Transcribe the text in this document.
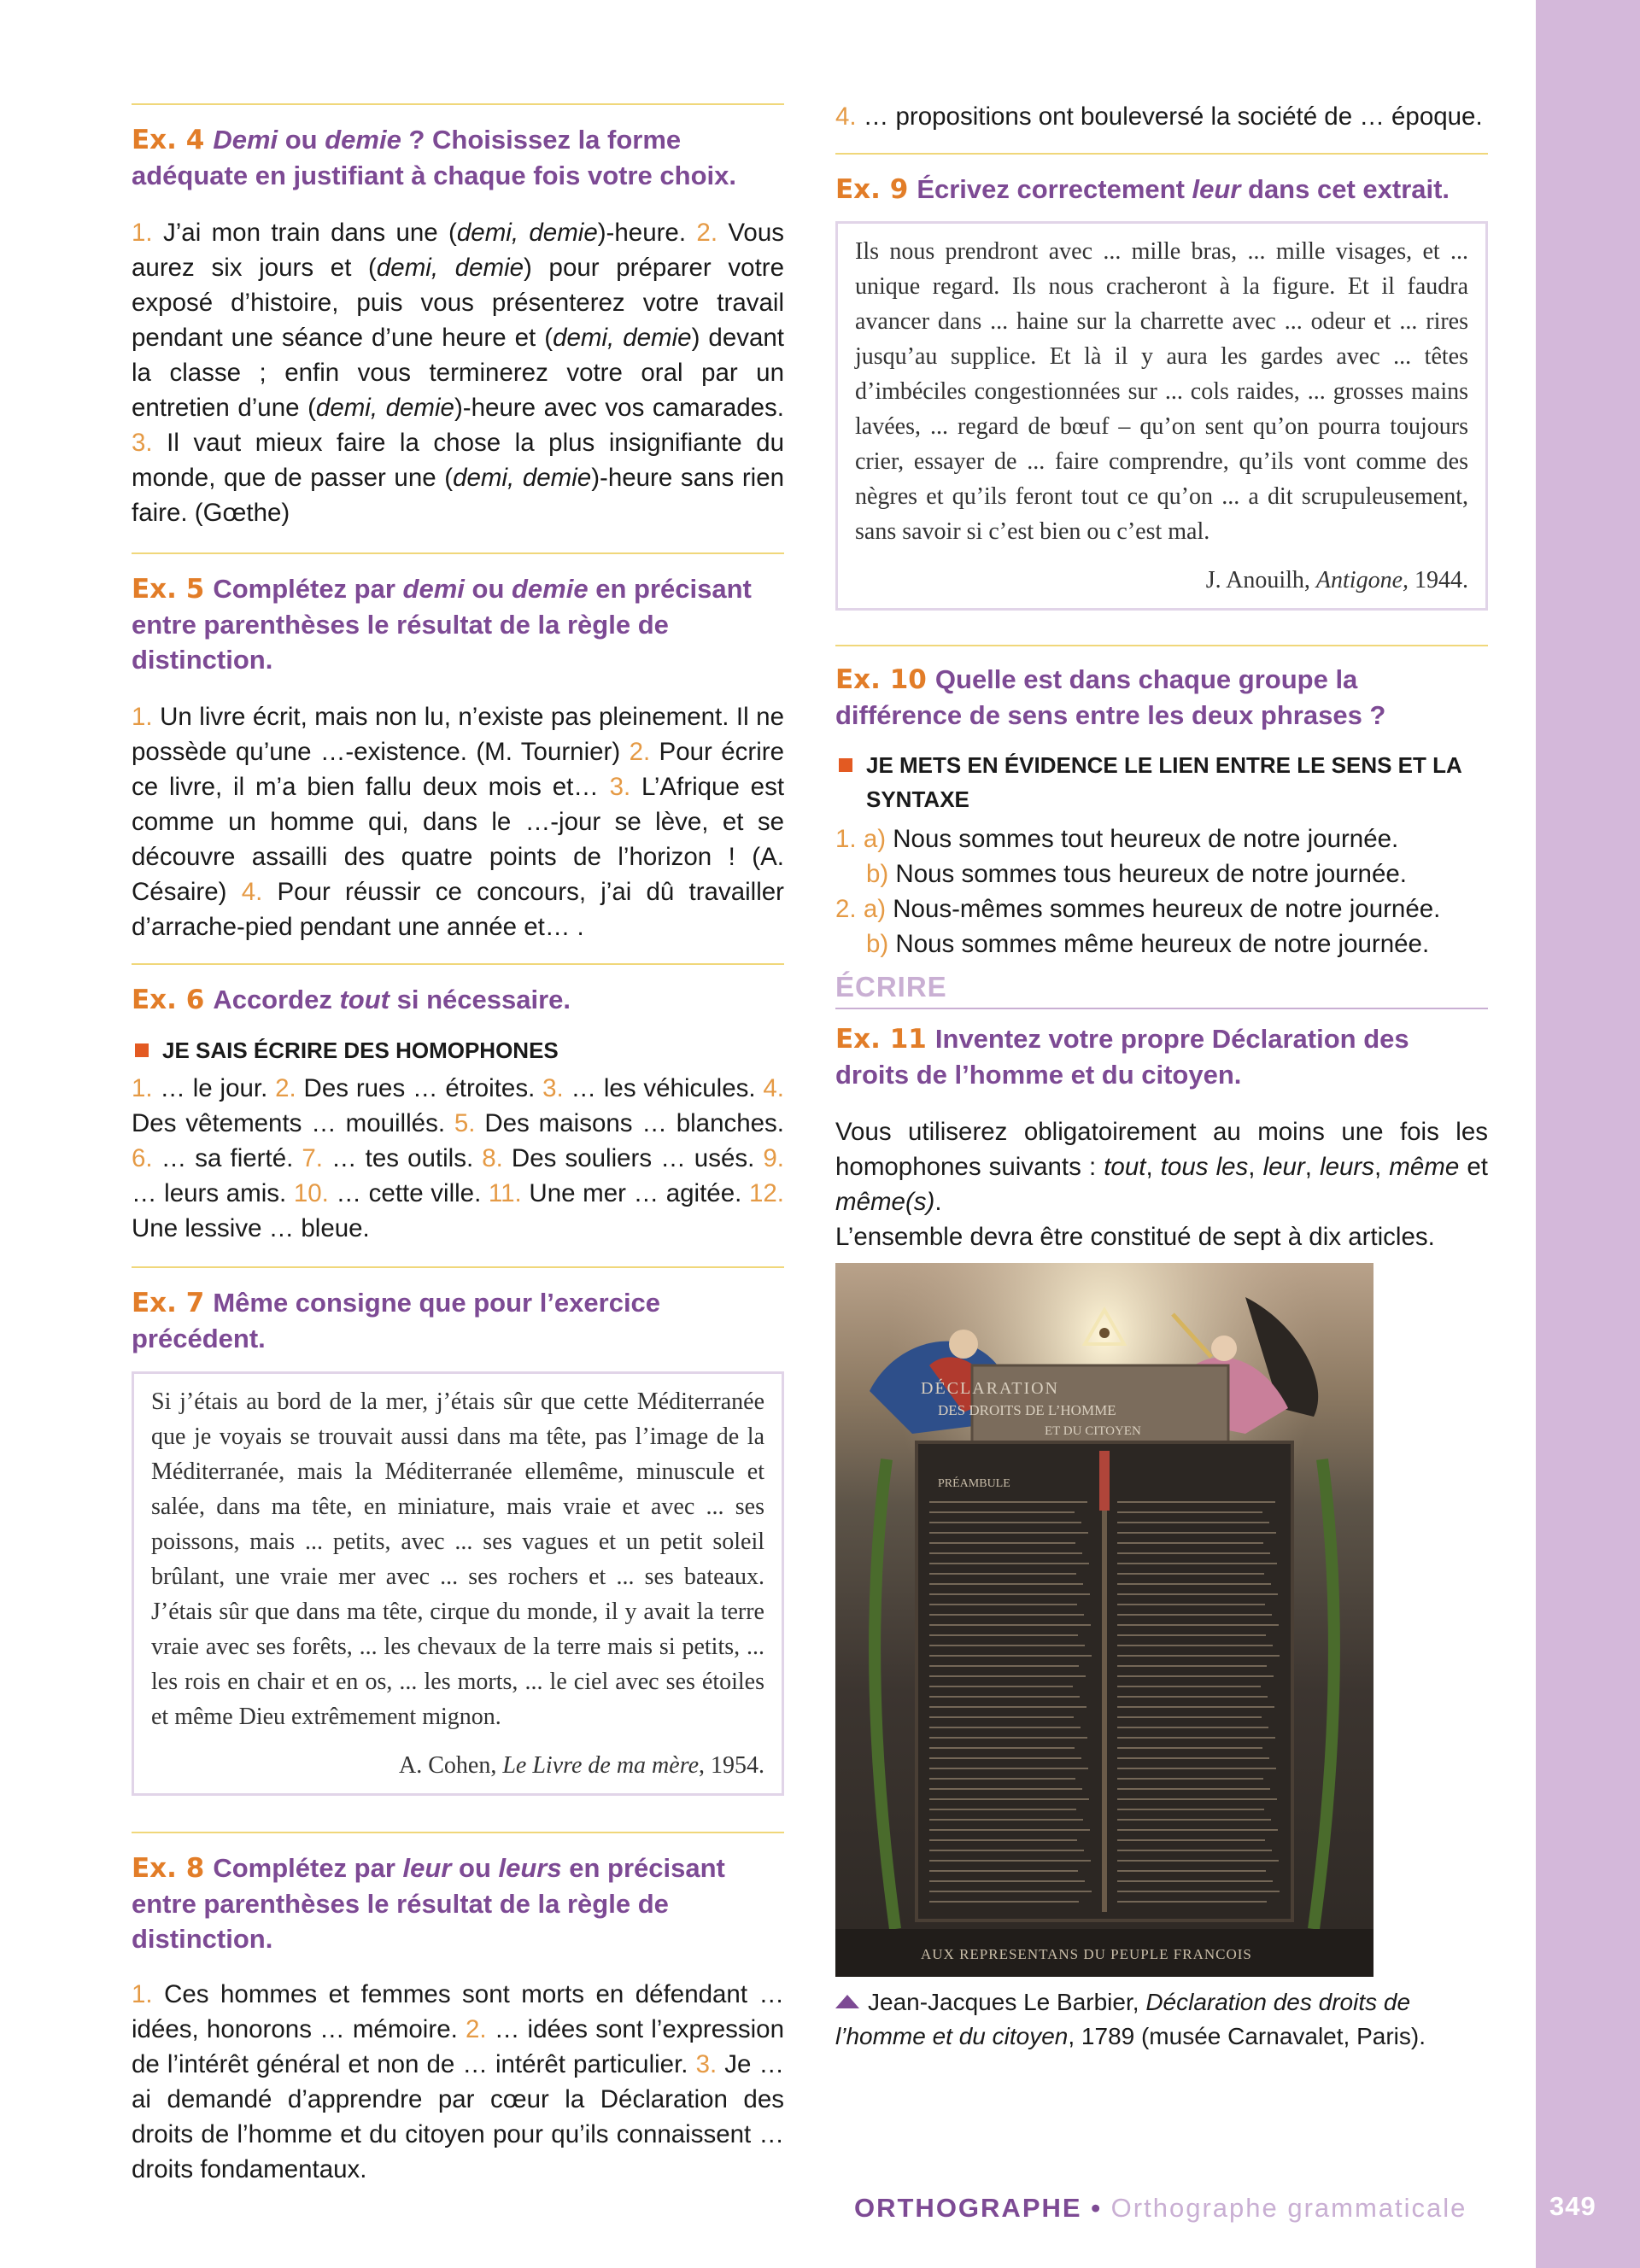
Ex. 4 Demi ou demie ? Choisissez la forme adéquate en justifiant à chaque fois votre choix.

1. J’ai mon train dans une (demi, demie)-heure. 2. Vous aurez six jours et (demi, demie) pour préparer votre exposé d’histoire, puis vous présenterez votre travail pendant une séance d’une heure et (demi, demie) devant la classe ; enfin vous terminerez votre oral par un entretien d’une (demi, demie)-heure avec vos camarades. 3. Il vaut mieux faire la chose la plus insignifiante du monde, que de passer une (demi, demie)-heure sans rien faire. (Gœthe)

Ex. 5 Complétez par demi ou demie en précisant entre parenthèses le résultat de la règle de distinction.

1. Un livre écrit, mais non lu, n’existe pas pleinement. Il ne possède qu’une …-existence. (M. Tournier) 2. Pour écrire ce livre, il m’a bien fallu deux mois et… 3. L’Afrique est comme un homme qui, dans le …-jour se lève, et se découvre assailli des quatre points de l’horizon ! (A. Césaire) 4. Pour réussir ce concours, j’ai dû travailler d’arrache-pied pendant une année et… .

Ex. 6 Accordez tout si nécessaire.

JE SAIS ÉCRIRE DES HOMOPHONES

1. … le jour. 2. Des rues … étroites. 3. … les véhicules. 4. Des vêtements … mouillés. 5. Des maisons … blanches. 6. … sa fierté. 7. … tes outils. 8. Des souliers … usés. 9. … leurs amis. 10. … cette ville. 11. Une mer … agitée. 12. Une lessive … bleue.

Ex. 7 Même consigne que pour l’exercice précédent.

Si j’étais au bord de la mer, j’étais sûr que cette Méditerranée que je voyais se trouvait aussi dans ma tête, pas l’image de la Méditerranée, mais la Méditerranée ellemême, minuscule et salée, dans ma tête, en miniature, mais vraie et avec ... ses poissons, mais ... petits, avec ... ses vagues et un petit soleil brûlant, une vraie mer avec ... ses rochers et ... ses bateaux. J’étais sûr que dans ma tête, cirque du monde, il y avait la terre vraie avec ses forêts, ... les chevaux de la terre mais si petits, ... les rois en chair et en os, ... les morts, ... le ciel avec ses étoiles et même Dieu extrêmement mignon.
A. Cohen, Le Livre de ma mère, 1954.

Ex. 8 Complétez par leur ou leurs en précisant entre parenthèses le résultat de la règle de distinction.

1. Ces hommes et femmes sont morts en défendant … idées, honorons … mémoire. 2. … idées sont l’expression de l’intérêt général et non de … intérêt particulier. 3. Je … ai demandé d’apprendre par cœur la Déclaration des droits de l’homme et du citoyen pour qu’ils connaissent … droits fondamentaux.

4. … propositions ont bouleversé la société de … époque.

Ex. 9 Écrivez correctement leur dans cet extrait.

Ils nous prendront avec ... mille bras, ... mille visages, et ... unique regard. Ils nous cracheront à la figure. Et il faudra avancer dans ... haine sur la charrette avec ... odeur et ... rires jusqu’au supplice. Et là il y aura les gardes avec ... têtes d’imbéciles congestionnées sur ... cols raides, ... grosses mains lavées, ... regard de bœuf – qu’on sent qu’on pourra toujours crier, essayer de ... faire comprendre, qu’ils vont comme des nègres et qu’ils feront tout ce qu’on ... a dit scrupuleusement, sans savoir si c’est bien ou c’est mal.
J. Anouilh, Antigone, 1944.

Ex. 10 Quelle est dans chaque groupe la différence de sens entre les deux phrases ?

JE METS EN ÉVIDENCE LE LIEN ENTRE LE SENS ET LA SYNTAXE

1. a) Nous sommes tout heureux de notre journée.

b) Nous sommes tous heureux de notre journée.

2. a) Nous-mêmes sommes heureux de notre journée.

b) Nous sommes même heureux de notre journée.

ÉCRIRE

Ex. 11 Inventez votre propre Déclaration des droits de l’homme et du citoyen.

Vous utiliserez obligatoirement au moins une fois les homophones suivants : tout, tous les, leur, leurs, même et même(s).

L’ensemble devra être constitué de sept à dix articles.

DÉCLARATION
DES DROITS DE L’HOMME
ET DU CITOYEN
PRÉAMBULE
AUX REPRESENTANS DU PEUPLE FRANCOIS
Jean-Jacques Le Barbier, Déclaration des droits de l’homme et du citoyen, 1789 (musée Carnavalet, Paris).
ORTHOGRAPHE • Orthographe grammaticale	349
